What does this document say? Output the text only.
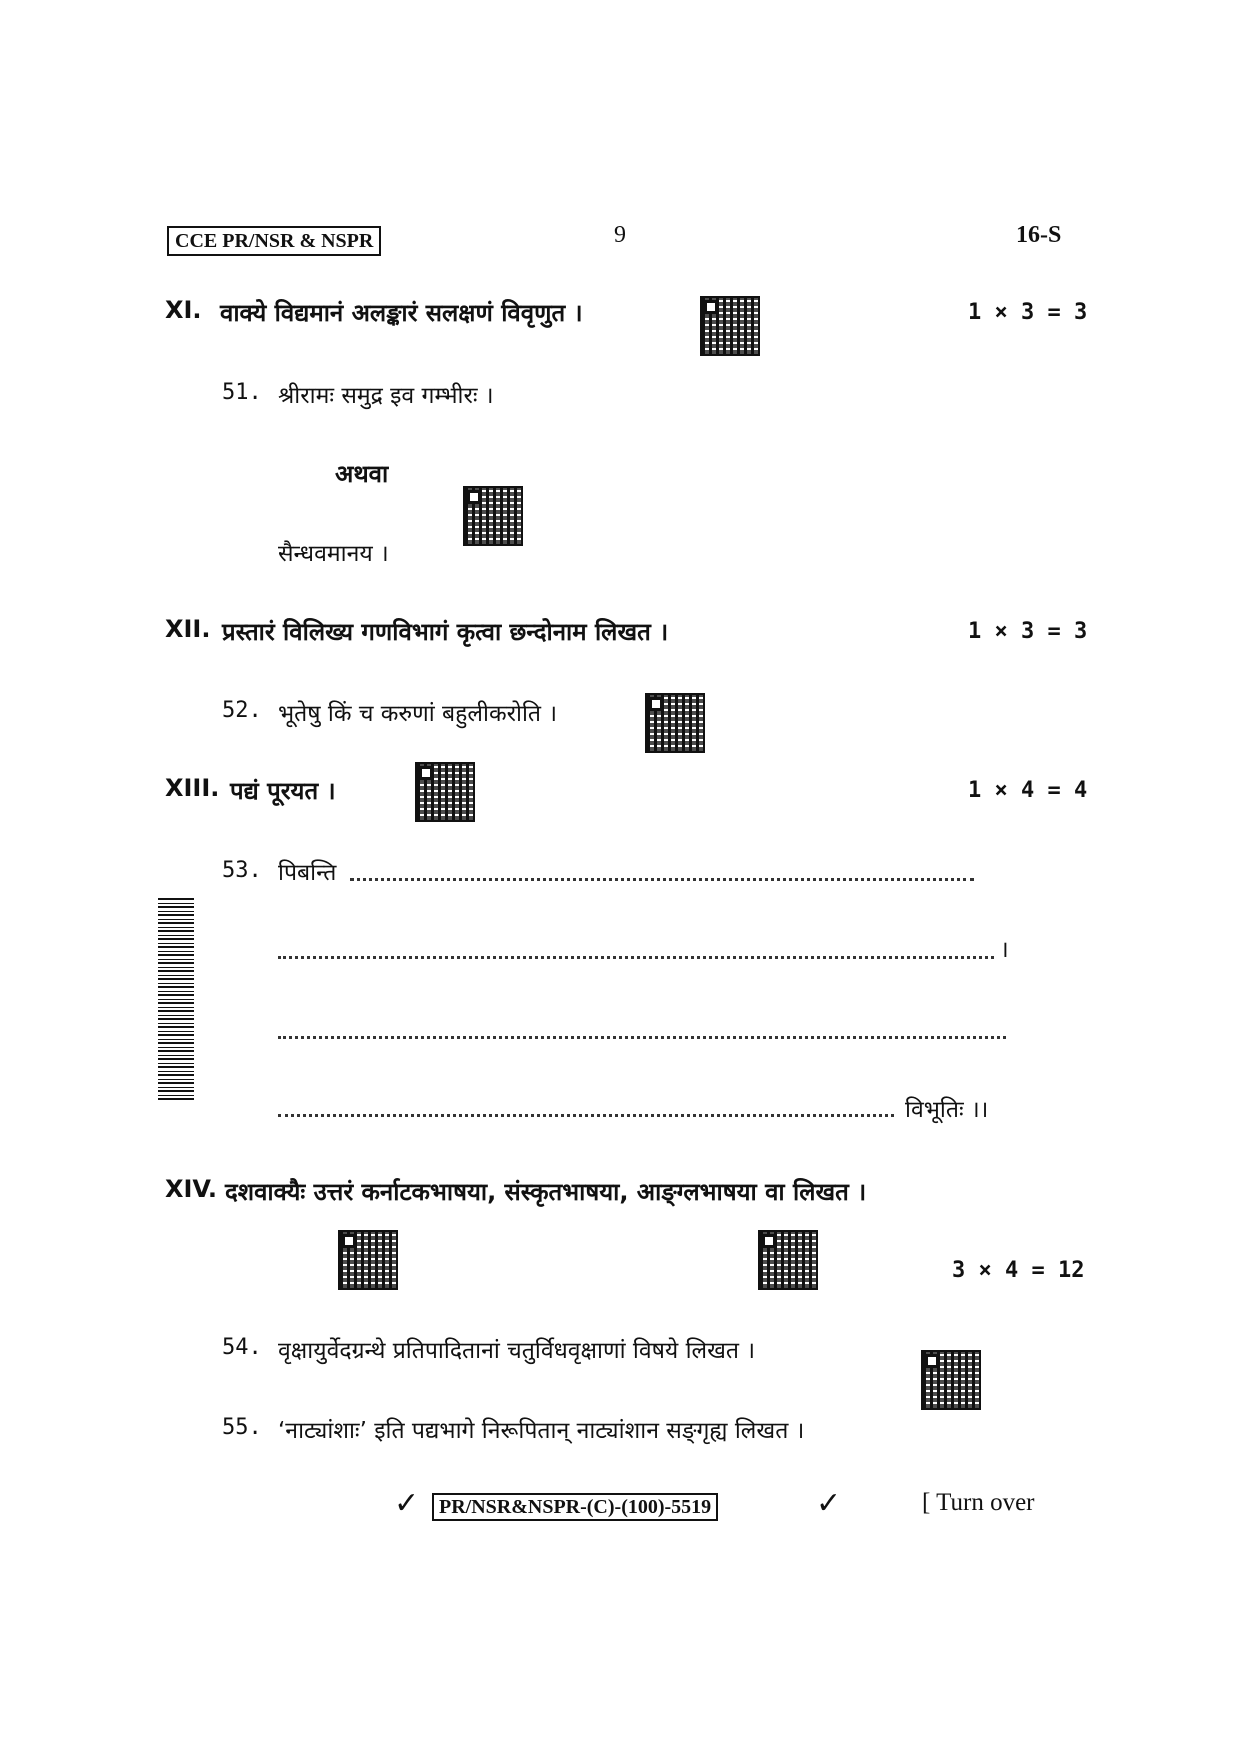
CCE PR/NSR & NSPR	9	16-S
XI. वाक्ये विद्यमानं अलङ्कारं सलक्षणं विवृणुत ।	1 × 3 = 3
51. श्रीरामः समुद्र इव गम्भीरः ।
अथवा
सैन्धवमानय ।
XII. प्रस्तारं विलिख्य गणविभागं कृत्वा छन्दोनाम लिखत ।	1 × 3 = 3
52. भूतेषु किं च करुणां बहुलीकरोति ।
XIII. पद्यं पूरयत ।	1 × 4 = 4
53. पिबन्ति
।
विभूतिः ।।
XIV. दशवाक्यैः उत्तरं कर्नाटकभाषया, संस्कृतभाषया, आङ्ग्लभाषया वा लिखत ।
3 × 4 = 12
54. वृक्षायुर्वेदग्रन्थे प्रतिपादितानां चतुर्विधवृक्षाणां विषये लिखत ।
55. ‘नाट्यांशाः’ इति पद्यभागे निरूपितान् नाट्यांशान सङ्गृह्य लिखत ।
✓ PR/NSR&NSPR-(C)-(100)-5519	✓	[ Turn over
